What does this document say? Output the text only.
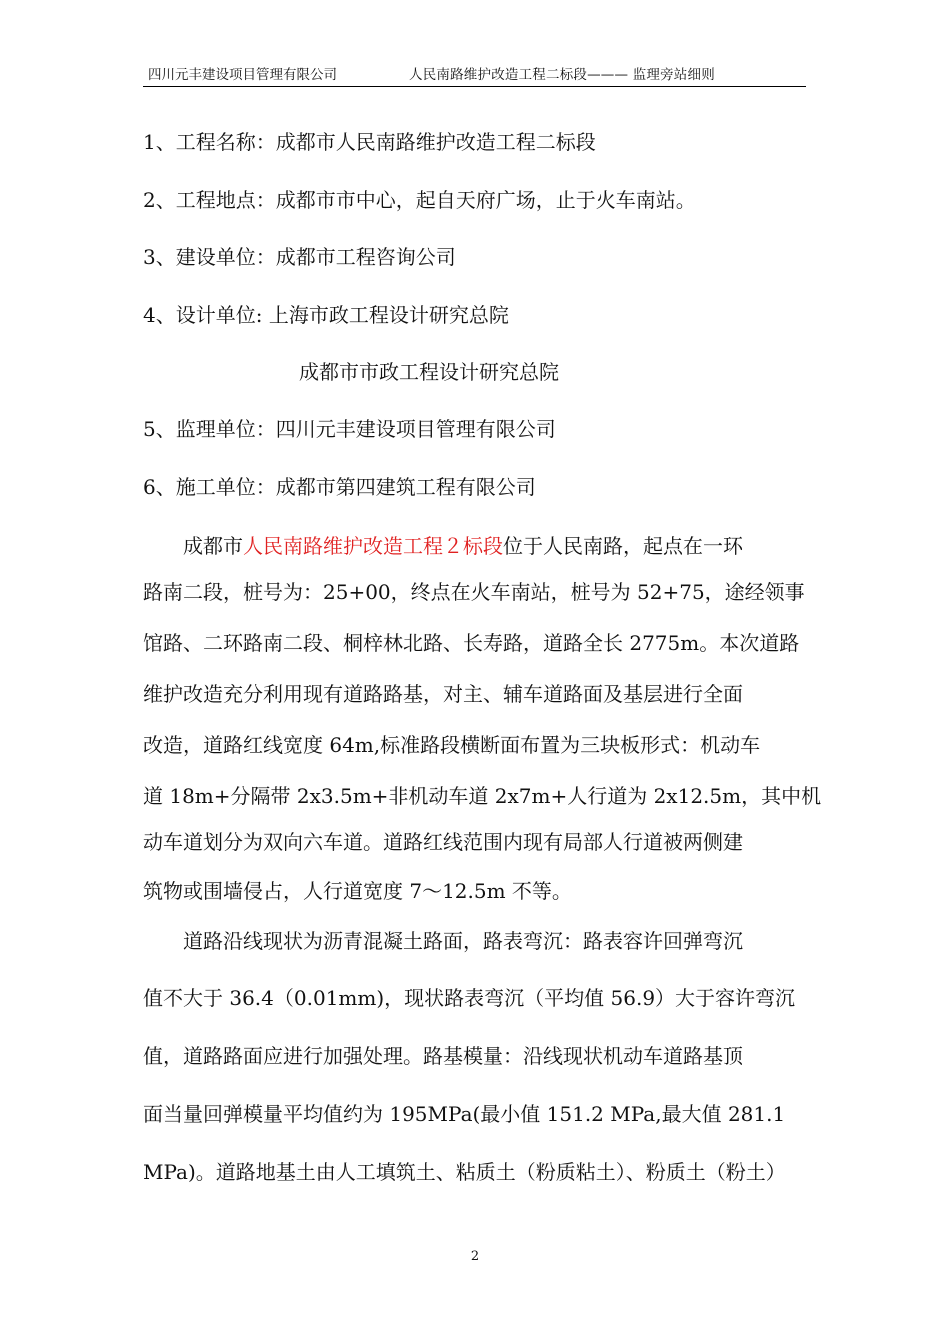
四川元丰建设项目管理有限公司	人民南路维护改造工程二标段——— 监理旁站细则
1、工程名称：成都市人民南路维护改造工程二标段
2、工程地点：成都市市中心，起自天府广场，止于火车南站。
3、建设单位：成都市工程咨询公司
4、设计单位: 上海市政工程设计研究总院
成都市市政工程设计研究总院
5、监理单位：四川元丰建设项目管理有限公司
6、施工单位：成都市第四建筑工程有限公司
成都市人民南路维护改造工程２标段位于人民南路，起点在一环
路南二段，桩号为：25+00，终点在火车南站，桩号为 52+75，途经领事
馆路、二环路南二段、桐梓林北路、长寿路，道路全长 2775m。本次道路
维护改造充分利用现有道路路基，对主、辅车道路面及基层进行全面
改造，道路红线宽度 64m,标准路段横断面布置为三块板形式：机动车
道 18m+分隔带 2x3.5m+非机动车道 2x7m+人行道为 2x12.5m，其中机
动车道划分为双向六车道。道路红线范围内现有局部人行道被两侧建
筑物或围墙侵占，人行道宽度 7～12.5m 不等。
道路沿线现状为沥青混凝土路面，路表弯沉：路表容许回弹弯沉
值不大于 36.4（0.01mm)，现状路表弯沉（平均值 56.9）大于容许弯沉
值，道路路面应进行加强处理。路基模量：沿线现状机动车道路基顶
面当量回弹模量平均值约为 195MPa(最小值 151.2 MPa,最大值 281.1
MPa)。道路地基土由人工填筑土、粘质土（粉质粘土）、粉质土（粉土）
2
